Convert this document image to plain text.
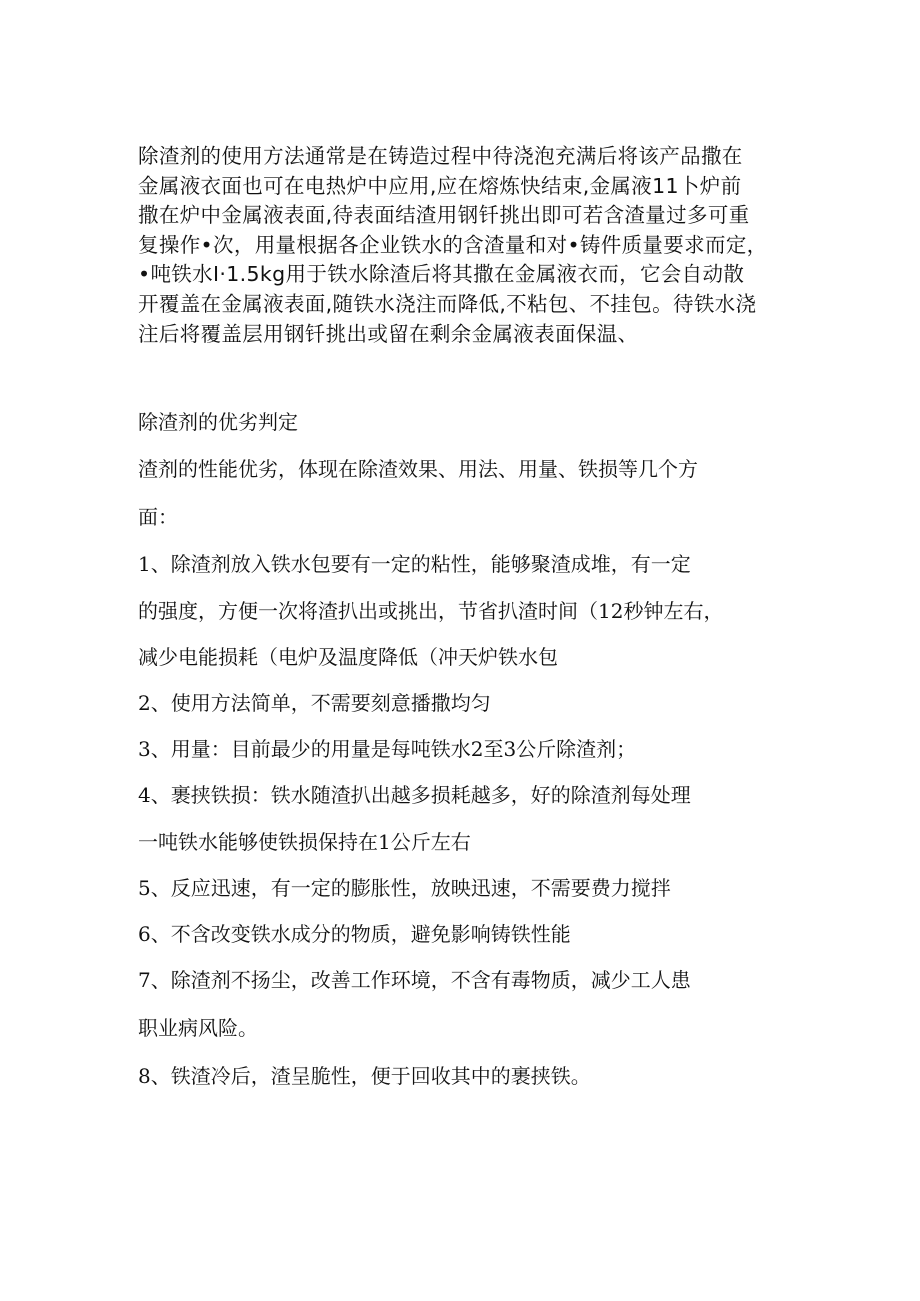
除渣剂的使用方法通常是在铸造过程中待浇泡充满后将该产品撒在
金属液衣面也可在电热炉中应用,应在熔炼快结束,金属液11卜炉前
撒在炉中金属液表面,待表面结渣用钢钎挑出即可若含渣量过多可重
复操作•次，用量根据各企业铁水的含渣量和对•铸件质量要求而定，
•吨铁水I·1.5kg用于铁水除渣后将其撒在金属液衣而，它会自动散
开覆盖在金属液表面,随铁水浇注而降低,不粘包、不挂包。待铁水浇
注后将覆盖层用钢钎挑出或留在剩余金属液表面保温、
除渣剂的优劣判定
渣剂的性能优劣，体现在除渣效果、用法、用量、铁损等几个方
面：
1、除渣剂放入铁水包要有一定的粘性，能够聚渣成堆，有一定
的强度，方便一次将渣扒出或挑出，节省扒渣时间（12秒钟左右，
减少电能损耗（电炉及温度降低（冲天炉铁水包
2、使用方法简单，不需要刻意播撒均匀
3、用量：目前最少的用量是每吨铁水2至3公斤除渣剂；
4、裹挟铁损：铁水随渣扒出越多损耗越多，好的除渣剂每处理
一吨铁水能够使铁损保持在1公斤左右
5、反应迅速，有一定的膨胀性，放映迅速，不需要费力搅拌
6、不含改变铁水成分的物质，避免影响铸铁性能
7、除渣剂不扬尘，改善工作环境，不含有毒物质，减少工人患
职业病风险。
8、铁渣冷后，渣呈脆性，便于回收其中的裹挟铁。
